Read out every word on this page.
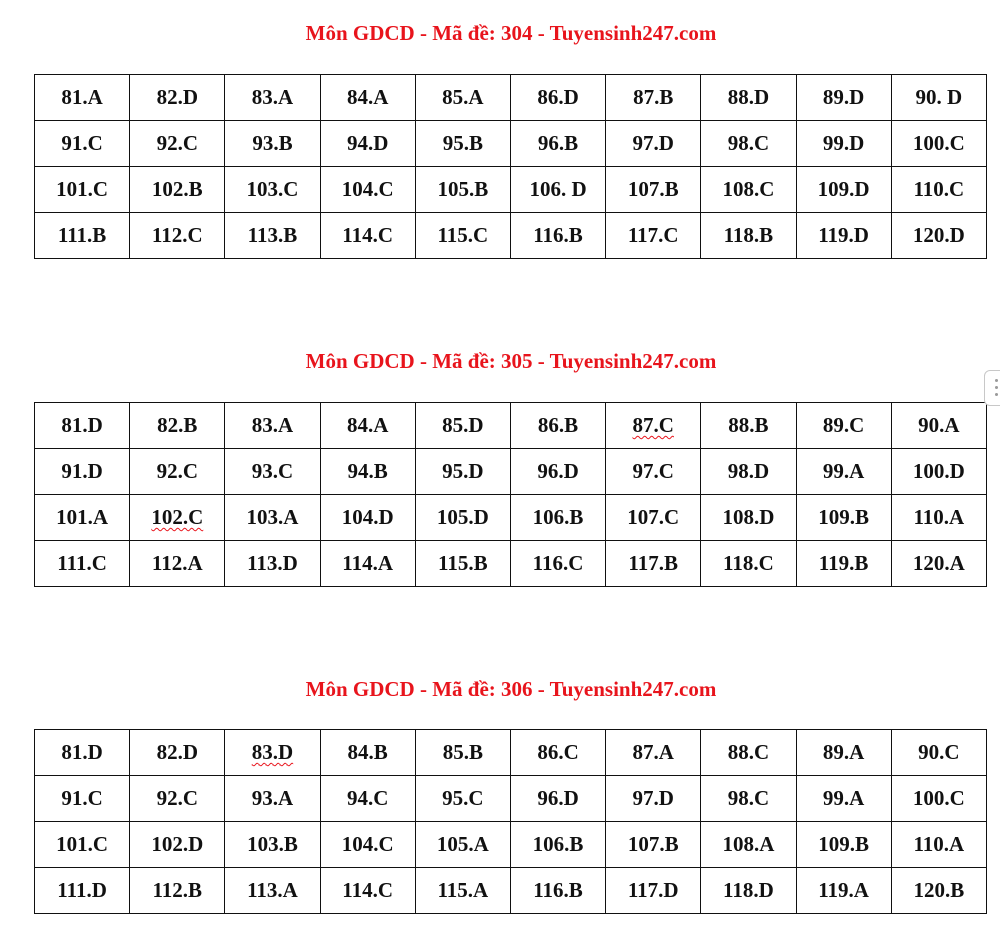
Môn GDCD - Mã đề: 304 - Tuyensinh247.com
81.A	82.D	83.A	84.A	85.A	86.D	87.B	88.D	89.D	90. D
91.C	92.C	93.B	94.D	95.B	96.B	97.D	98.C	99.D	100.C
101.C	102.B	103.C	104.C	105.B	106. D	107.B	108.C	109.D	110.C
111.B	112.C	113.B	114.C	115.C	116.B	117.C	118.B	119.D	120.D
Môn GDCD - Mã đề: 305 - Tuyensinh247.com
81.D	82.B	83.A	84.A	85.D	86.B	87.C	88.B	89.C	90.A
91.D	92.C	93.C	94.B	95.D	96.D	97.C	98.D	99.A	100.D
101.A	102.C	103.A	104.D	105.D	106.B	107.C	108.D	109.B	110.A
111.C	112.A	113.D	114.A	115.B	116.C	117.B	118.C	119.B	120.A
Môn GDCD - Mã đề: 306 - Tuyensinh247.com
81.D	82.D	83.D	84.B	85.B	86.C	87.A	88.C	89.A	90.C
91.C	92.C	93.A	94.C	95.C	96.D	97.D	98.C	99.A	100.C
101.C	102.D	103.B	104.C	105.A	106.B	107.B	108.A	109.B	110.A
111.D	112.B	113.A	114.C	115.A	116.B	117.D	118.D	119.A	120.B
